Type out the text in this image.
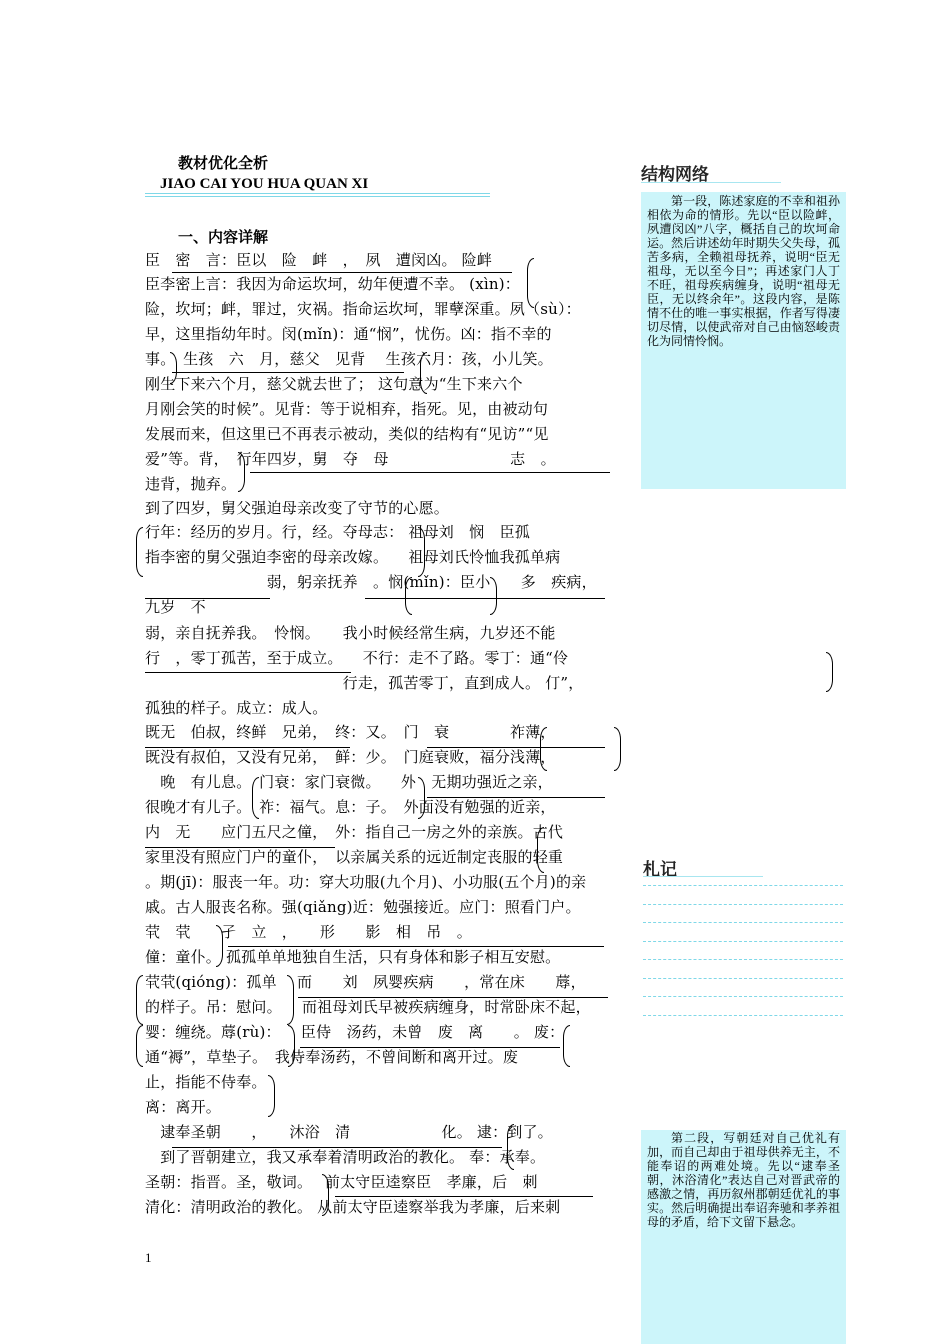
教材优化全析
JIAO CAI YOU HUA QUAN XI
一、内容详解
臣　密　言：臣以　险　衅　，　夙　遭闵凶。 险衅
臣李密上言：我因为命运坎坷，幼年便遭不幸。 (xìn)：
险，坎坷；衅，罪过，灾祸。指命运坎坷，罪孽深重。夙（sù）：
早，这里指幼年时。闵(mǐn)：通“悯”，忧伤。凶：指不幸的
事。　生孩　六　月，慈父　见背 　生孩六月：孩，小儿笑。
刚生下来六个月，慈父就去世了； 这句意为“生下来六个
月刚会笑的时候”。见背：等于说相弃，指死。见，由被动句
发展而来，但这里已不再表示被动，类似的结构有“见访”“见
爱”等。背，　行年四岁，舅　夺　母　　　　　　　　志　。
违背，抛弃。
到了四岁，舅父强迫母亲改变了守节的心愿。
行年：经历的岁月。行，经。夺母志： 祖母刘　悯　臣孤
指李密的舅父强迫李密的母亲改嫁。 　祖母刘氏怜恤我孤单病
　　　　　　　　弱，躬亲抚养　。悯(mǐn)：臣小　　多　疾病，
九岁　不
弱，亲自抚养我。　怜悯。　　我小时候经常生病，九岁还不能
行　，零丁孤苦，至于成立。 　不行：走不了路。零丁：通“伶
　　　　　　　　　　　　　行走，孤苦零丁，直到成人。 仃”，
孤独的样子。成立：成人。
既无　伯叔，终鲜　兄弟，　终：又。　门　衰　　　　祚薄，
既没有叔伯，又没有兄弟，　鲜：少。　门庭衰败，福分浅薄，
　晚　有儿息。　门衰：家门衰微。 　外　无期功强近之亲，
很晚才有儿子。　祚：福气。息：子。　外面没有勉强的近亲，
内　无　　应门五尺之僮，　外：指自己一房之外的亲族。古代
家里没有照应门户的童仆，　以亲属关系的远近制定丧服的轻重
。期(jī)：服丧一年。功：穿大功服(九个月)、小功服(五个月)的亲
戚。古人服丧名称。强(qiǎng)近：勉强接近。应门：照看门户。
茕　茕　　孑　立　，　　形　　影　相　吊　。
僮：童仆。 孤孤单单地独自生活，只有身体和影子相互安慰。
茕茕(qióng)：孤单　 而　　刘　夙婴疾病　　，常在床　　蓐，
的样子。吊：慰问。 　而祖母刘氏早被疾病缠身，时常卧床不起，
婴：缠绕。蓐(rù)： 　臣侍　汤药，未曾　废　离　　。 废：
通“褥”，草垫子。　我侍奉汤药，不曾间断和离开过。废
止，指能不侍奉。
离：离开。
　逮奉圣朝　　，　　沐浴　清　　　　　　化。 逮：到了。
　到了晋朝建立，我又承奉着清明政治的教化。 奉：承奉。
圣朝：指晋。圣，敬词。　 前太守臣逵察臣　孝廉，后　刺
清化：清明政治的教化。 从前太守臣逵察举我为孝廉，后来刺
结构网络

第一段，陈述家庭的不幸和祖孙相依为命的情形。先以“臣以险衅，夙遭闵凶”八字，概括自己的坎坷命运。然后讲述幼年时期失父失母，孤苦多病，全赖祖母抚养，说明“臣无祖母，无以至今日”；再述家门人丁不旺，祖母疾病缠身，说明“祖母无臣，无以终余年”。这段内容，是陈情不仕的唯一事实根据，作者写得凄切尽情，以使武帝对自己由恼怒峻责化为同情怜悯。

札记

第二段，写朝廷对自己优礼有加，而自己却由于祖母供养无主，不能奉诏的两难处境。先以“逮奉圣朝，沐浴清化”表达自己对晋武帝的感激之情，再历叙州郡朝廷优礼的事实。然后明确提出奉诏奔驰和孝养祖母的矛盾，给下文留下悬念。

1
